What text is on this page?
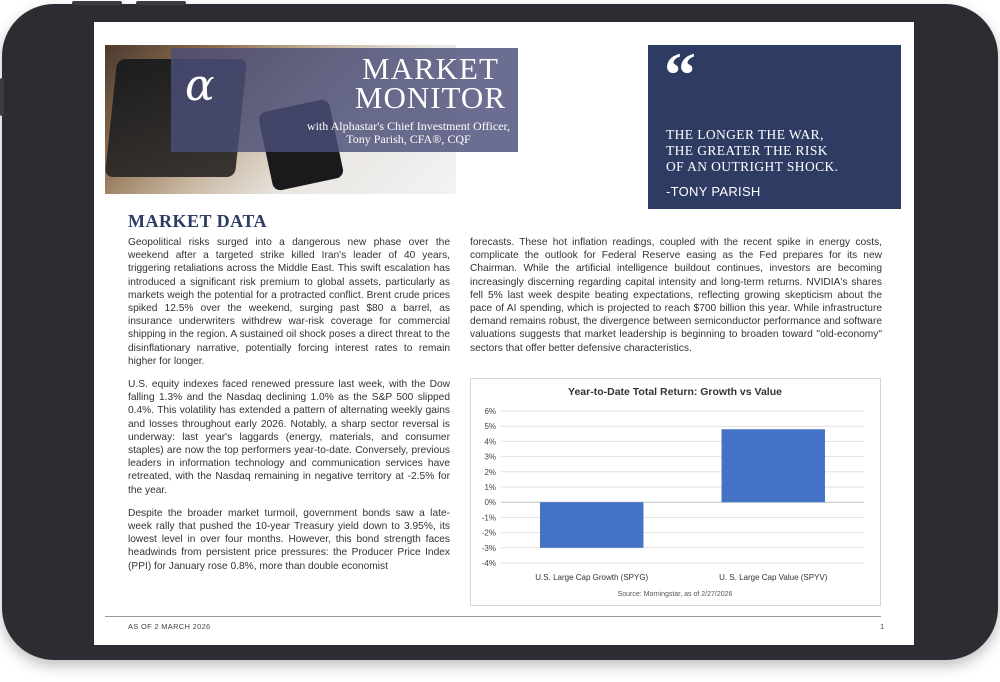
α	MARKET
MONITOR
with Alphastar's Chief Investment Officer,
Tony Parish, CFA®, CQF
“
THE LONGER THE WAR,
THE GREATER THE RISK
OF AN OUTRIGHT SHOCK.
-TONY PARISH
MARKET DATA

Geopolitical risks surged into a dangerous new phase over the weekend after a targeted strike killed Iran's leader of 40 years, triggering retaliations across the Middle East. This swift escalation has introduced a significant risk premium to global assets, particularly as markets weigh the potential for a protracted conflict. Brent crude prices spiked 12.5% over the weekend, surging past $80 a barrel, as insurance underwriters withdrew war-risk coverage for commercial shipping in the region. A sustained oil shock poses a direct threat to the disinflationary narrative, potentially forcing interest rates to remain higher for longer.

U.S. equity indexes faced renewed pressure last week, with the Dow falling 1.3% and the Nasdaq declining 1.0% as the S&P 500 slipped 0.4%. This volatility has extended a pattern of alternating weekly gains and losses throughout early 2026. Notably, a sharp sector reversal is underway: last year's laggards (energy, materials, and consumer staples) are now the top performers year-to-date. Conversely, previous leaders in information technology and communication services have retreated, with the Nasdaq remaining in negative territory at -2.5% for the year.

Despite the broader market turmoil, government bonds saw a late-week rally that pushed the 10-year Treasury yield down to 3.95%, its lowest level in over four months. However, this bond strength faces headwinds from persistent price pressures: the Producer Price Index (PPI) for January rose 0.8%, more than double economist

forecasts. These hot inflation readings, coupled with the recent spike in energy costs, complicate the outlook for Federal Reserve easing as the Fed prepares for its new Chairman. While the artificial intelligence buildout continues, investors are becoming increasingly discerning regarding capital intensity and long-term returns. NVIDIA's shares fell 5% last week despite beating expectations, reflecting growing skepticism about the pace of AI spending, which is projected to reach $700 billion this year. While infrastructure demand remains robust, the divergence between semiconductor performance and software valuations suggests that market leadership is beginning to broaden toward "old-economy" sectors that offer better defensive characteristics.

Year-to-Date Total Return: Growth vs Value
-4%
-3%
-2%
-1%
0%
1%
2%
3%
4%
5%
6%
U.S. Large Cap Growth (SPYG)	U. S. Large Cap Value (SPYV)
Source: Morningstar, as of 2/27/2026
AS OF 2 MARCH 2026	1
